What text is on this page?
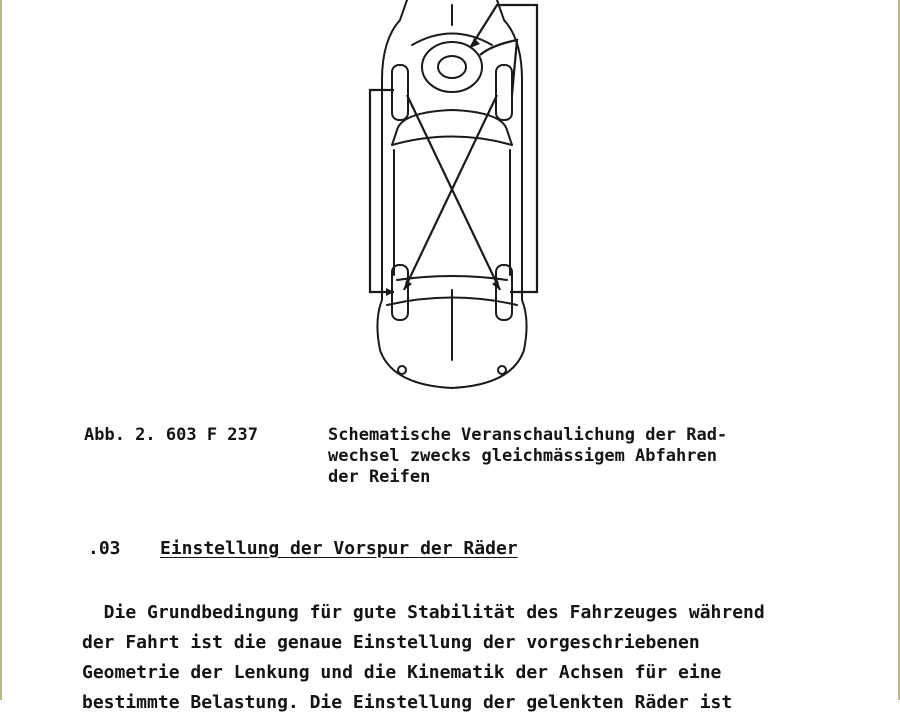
Abb. 2. 603 F 237	Schematische Veranschaulichung der Rad-
wechsel zwecks gleichmässigem Abfahren
der Reifen
.03 Einstellung der Vorspur der Räder
Die Grundbedingung für gute Stabilität des Fahrzeuges während
der Fahrt ist die genaue Einstellung der vorgeschriebenen
Geometrie der Lenkung und die Kinematik der Achsen für eine
bestimmte Belastung. Die Einstellung der gelenkten Räder ist
